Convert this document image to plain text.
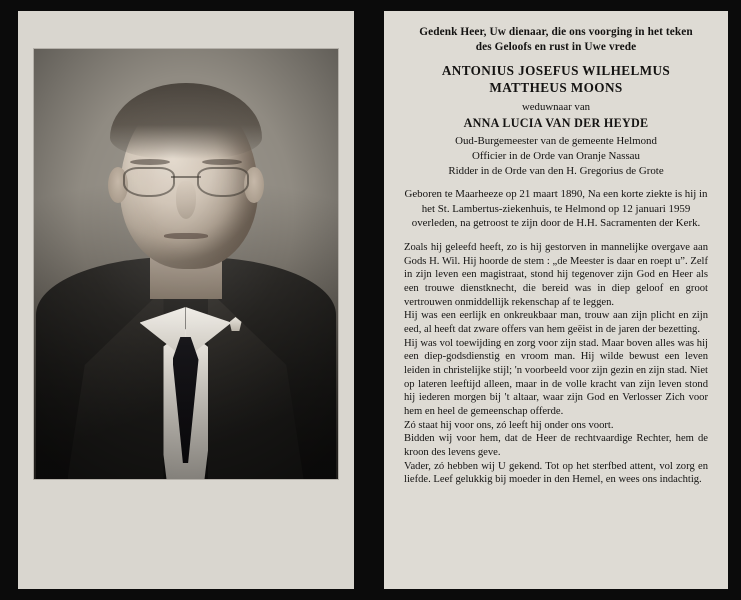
Gedenk Heer, Uw dienaar, die ons voorging in het teken
des Geloofs en rust in Uwe vrede
ANTONIUS JOSEFUS WILHELMUS
MATTHEUS MOONS
weduwnaar van
ANNA LUCIA VAN DER HEYDE
Oud-Burgemeester van de gemeente Helmond
Officier in de Orde van Oranje Nassau
Ridder in de Orde van den H. Gregorius de Grote
Geboren te Maarheeze op 21 maart 1890, Na een korte ziekte is hij in het St. Lambertus-ziekenhuis, te Helmond op 12 januari 1959 overleden, na getroost te zijn door de H.H. Sacramenten der Kerk.

Zoals hij geleefd heeft, zo is hij gestorven in mannelijke overgave aan Gods H. Wil. Hij hoorde de stem : „de Meester is daar en roept u”. Zelf in zijn leven een magistraat, stond hij tegenover zijn God en Heer als een trouwe dienstknecht, die bereid was in diep geloof en groot vertrouwen onmiddellijk rekenschap af te leggen.

Hij was een eerlijk en onkreukbaar man, trouw aan zijn plicht en zijn eed, al heeft dat zware offers van hem geëist in de jaren der bezetting.

Hij was vol toewijding en zorg voor zijn stad. Maar boven alles was hij een diep-godsdienstig en vroom man. Hij wilde bewust een leven leiden in christelijke stijl; 'n voorbeeld voor zijn gezin en zijn stad. Niet op lateren leeftijd alleen, maar in de volle kracht van zijn leven stond hij iederen morgen bij 't altaar, waar zijn God en Verlosser Zich voor hem en heel de gemeenschap offerde.

Zó staat hij voor ons, zó leeft hij onder ons voort.

Bidden wij voor hem, dat de Heer de rechtvaardige Rechter, hem de kroon des levens geve.

Vader, zó hebben wij U gekend. Tot op het sterfbed attent, vol zorg en liefde. Leef gelukkig bij moeder in den Hemel, en wees ons indachtig.
